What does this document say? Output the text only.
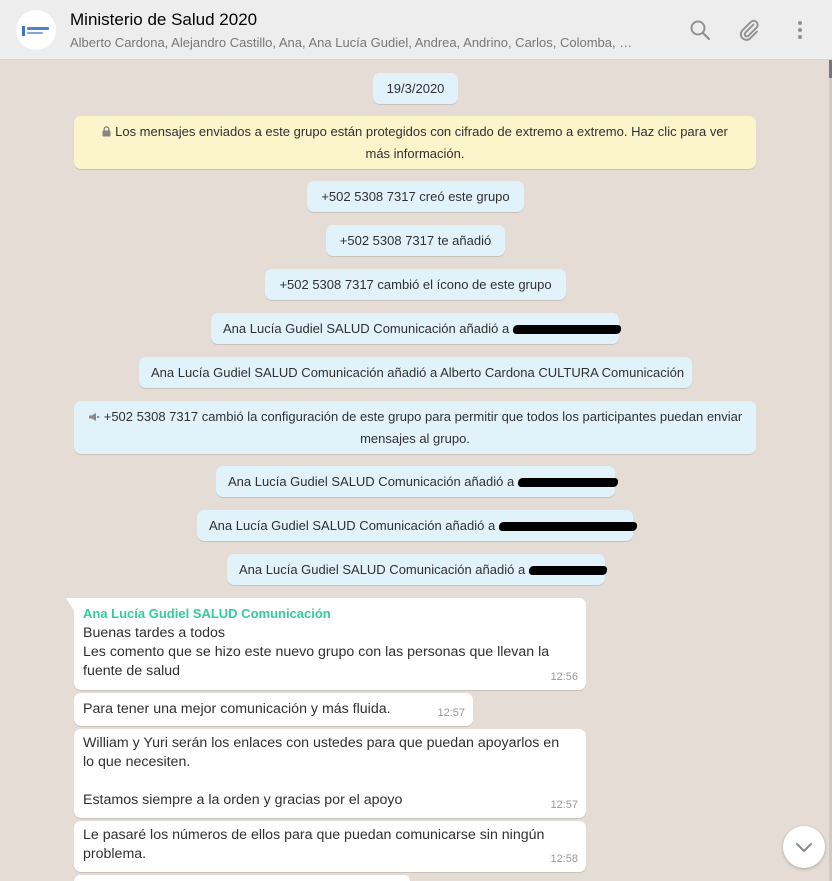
Ministerio de Salud 2020
Alberto Cardona, Alejandro Castillo, Ana, Ana Lucía Gudiel, Andrea, Andrino, Carlos, Colomba, …
19/3/2020
Los mensajes enviados a este grupo están protegidos con cifrado de extremo a extremo. Haz clic para ver más información.
+502 5308 7317 creó este grupo
+502 5308 7317 te añadió
+502 5308 7317 cambió el ícono de este grupo
Ana Lucía Gudiel SALUD Comunicación añadió a
Ana Lucía Gudiel SALUD Comunicación añadió a Alberto Cardona CULTURA Comunicación
+502 5308 7317 cambió la configuración de este grupo para permitir que todos los participantes puedan enviar mensajes al grupo.
Ana Lucía Gudiel SALUD Comunicación añadió a
Ana Lucía Gudiel SALUD Comunicación añadió a
Ana Lucía Gudiel SALUD Comunicación añadió a
Ana Lucía Gudiel SALUD Comunicación
Buenas tardes a todos
Les comento que se hizo este nuevo grupo con las personas que llevan la
fuente de salud	12:56
Para tener una mejor comunicación y más fluida.	12:57
William y Yuri serán los enlaces con ustedes para que puedan apoyarlos en
lo que necesiten.
Estamos siempre a la orden y gracias por el apoyo	12:57
Le pasaré los números de ellos para que puedan comunicarse sin ningún
problema.	12:58
